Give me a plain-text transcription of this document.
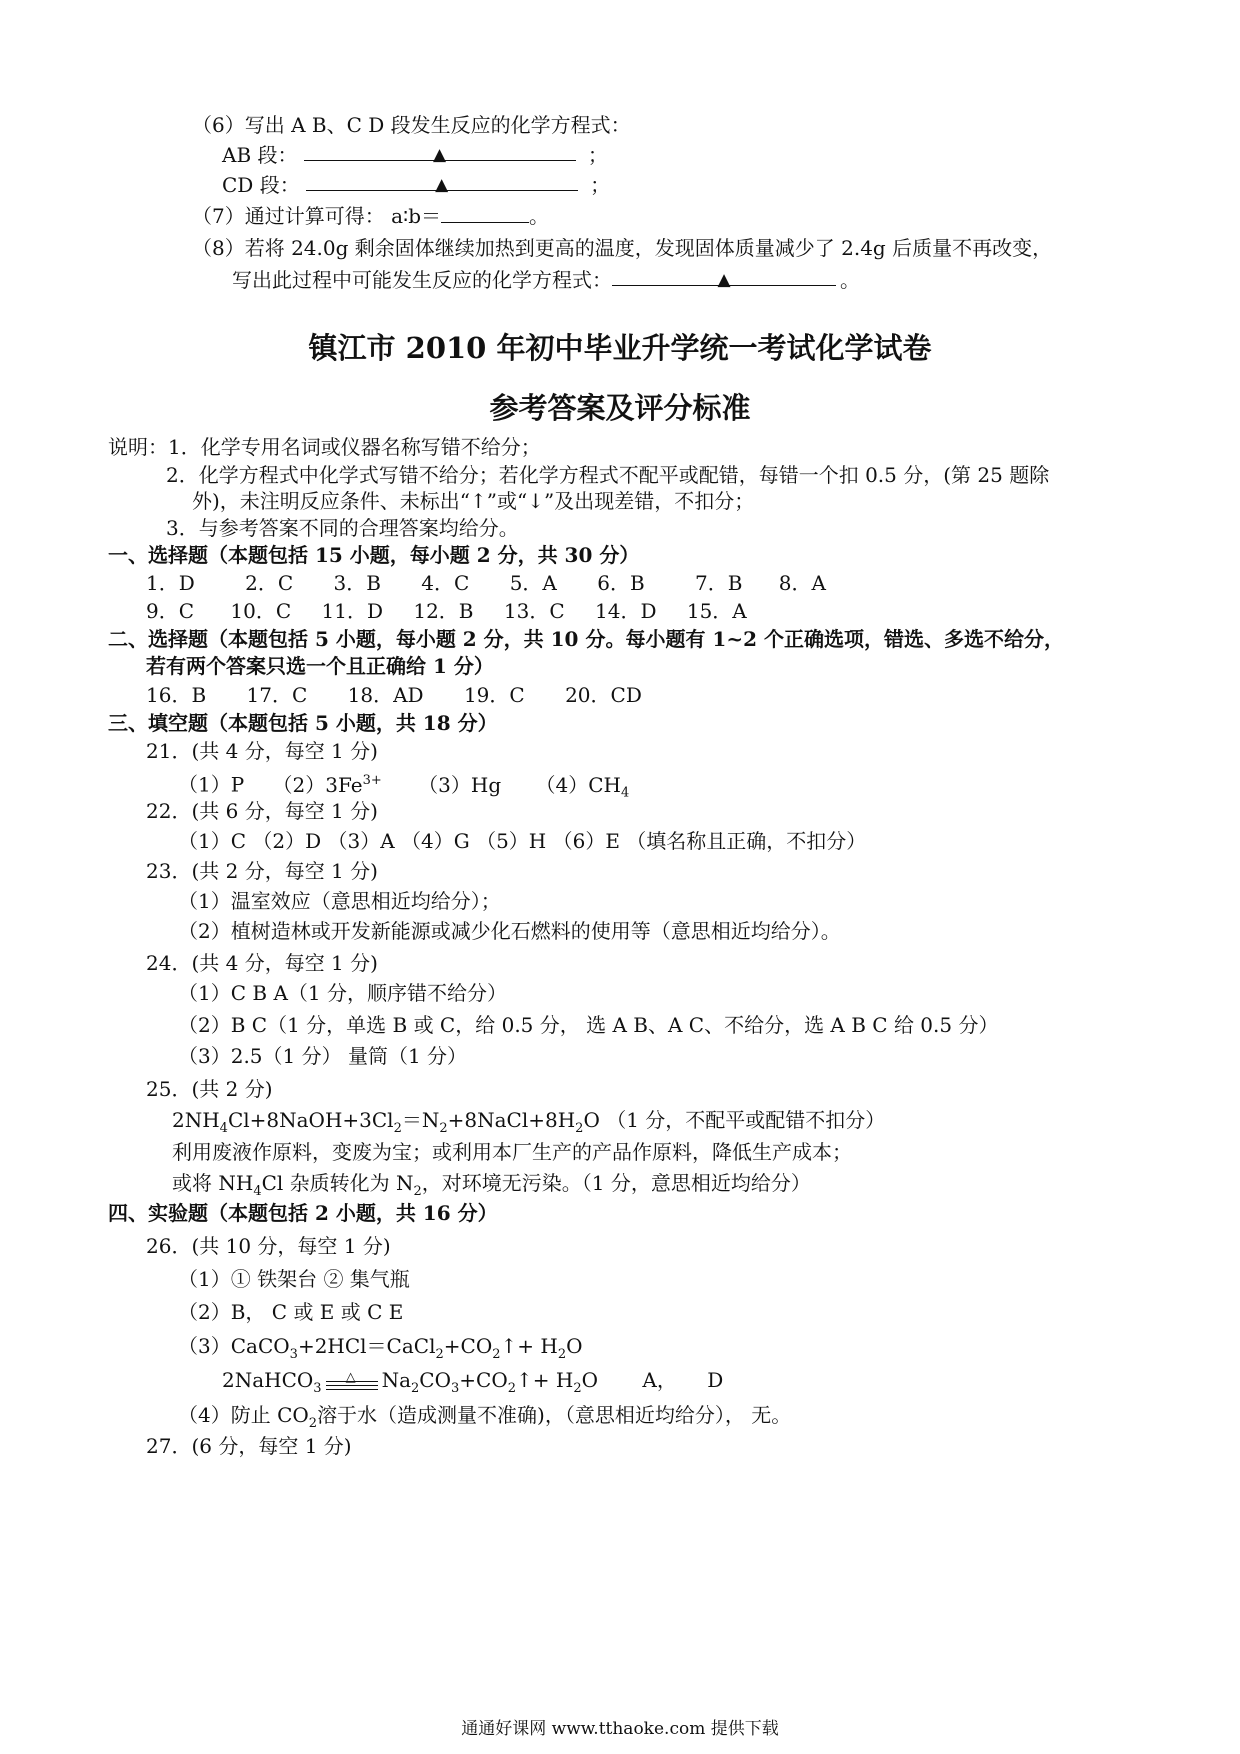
（6）写出 A B、C D 段发生反应的化学方程式：
AB 段：	▲	；
CD 段：	▲	；
（7）通过计算可得： a∶b＝	。
（8）若将 24.0g 剩余固体继续加热到更高的温度，发现固体质量减少了 2.4g 后质量不再改变，
写出此过程中可能发生反应的化学方程式：	▲	。
镇江市 2010 年初中毕业升学统一考试化学试卷
参考答案及评分标准
说明：1．化学专用名词或仪器名称写错不给分；
2．化学方程式中化学式写错不给分；若化学方程式不配平或配错，每错一个扣 0.5 分，(第 25 题除
外)，未注明反应条件、未标出“↑”或“↓”及出现差错，不扣分；
3．与参考答案不同的合理答案均给分。
一、选择题（本题包括 15 小题，每小题 2 分，共 30 分）
1．D	2．C 3．B 4．C 5．A 6．B	7．B 8．A
9．C 10．C 11．D 12．B 13．C 14．D 15．A
二、选择题（本题包括 5 小题，每小题 2 分，共 10 分。每小题有 1~2 个正确选项，错选、多选不给分，
若有两个答案只选一个且正确给 1 分）
16．B 17．C 18．AD 19．C 20．CD
三、填空题（本题包括 5 小题，共 18 分）
21．(共 4 分，每空 1 分)
（1）P $(2)3Fe^{3+}$ （3）Hg $(4)CH_4$
22．(共 6 分，每空 1 分)
（1）C （2）D （3）A （4）G （5）H （6）E （填名称且正确，不扣分）
23．(共 2 分，每空 1 分)
（1）温室效应（意思相近均给分）；
（2）植树造林或开发新能源或减少化石燃料的使用等（意思相近均给分）。
24．(共 4 分，每空 1 分)
（1）C B A（1 分，顺序错不给分）
（2）B C（1 分，单选 B 或 C，给 0.5 分， 选 A B、A C、不给分，选 A B C 给 0.5 分）
（3）2.5（1 分） 量筒（1 分）
25．(共 2 分)
$2NH_4Cl+8NaOH+3Cl_2=N_2+8NaCl+8H_2O$ （1 分，不配平或配错不扣分）
利用废液作原料，变废为宝；或利用本厂生产的产品作原料，降低生产成本；
或将 $NH_4Cl$ 杂质转化为 $N_2$，对环境无污染。（1 分，意思相近均给分）
四、实验题（本题包括 2 小题，共 16 分）
26．(共 10 分，每空 1 分)
（1）① 铁架台 ② 集气瓶
（2）B， C 或 E 或 C E
$(3)CaCO_3+2HCl=CaCl_2+CO_2↑+ H_2O$
2NaHCO$_3$
△ $Na_2CO_3+CO_2↑+ H_2O$ A， D
（4）防止 $CO_2$溶于水（造成测量不准确)，（意思相近均给分）， 无。
27．(6 分，每空 1 分)
通通好课网 www.tthaoke.com 提供下载
